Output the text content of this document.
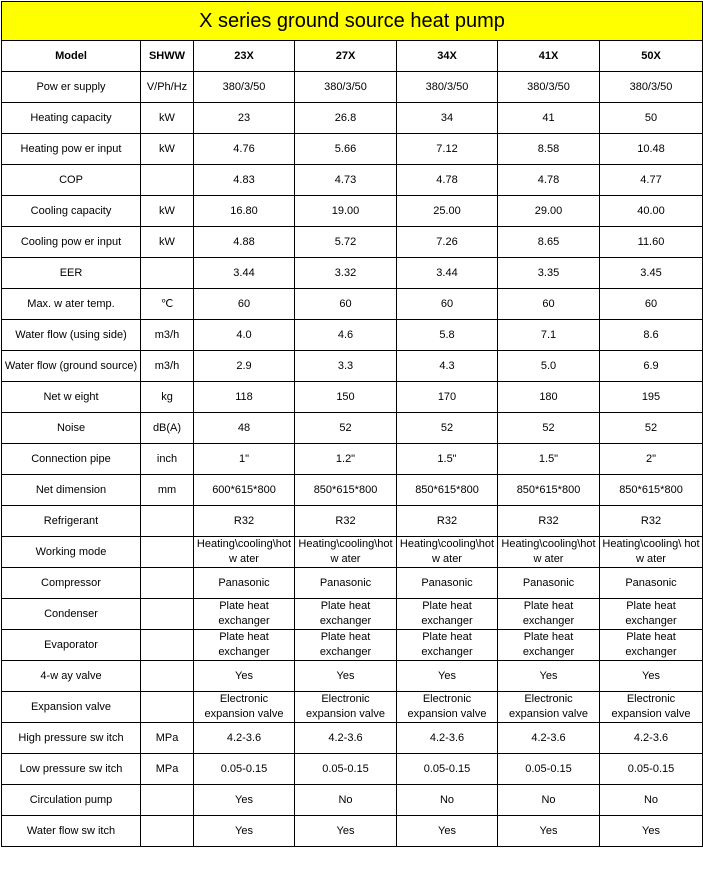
X series ground source heat pump						
Model	SHWW	23X	27X	34X	41X	50X
Pow er supply	V/Ph/Hz	380/3/50	380/3/50	380/3/50	380/3/50	380/3/50
Heating capacity	kW	23	26.8	34	41	50
Heating pow er input	kW	4.76	5.66	7.12	8.58	10.48
COP		4.83	4.73	4.78	4.78	4.77
Cooling capacity	kW	16.80	19.00	25.00	29.00	40.00
Cooling pow er input	kW	4.88	5.72	7.26	8.65	11.60
EER		3.44	3.32	3.44	3.35	3.45
Max. w ater temp.	℃	60	60	60	60	60
Water flow (using side)	m3/h	4.0	4.6	5.8	7.1	8.6
Water flow (ground source)	m3/h	2.9	3.3	4.3	5.0	6.9
Net w eight	kg	118	150	170	180	195
Noise	dB(A)	48	52	52	52	52
Connection pipe	inch	1"	1.2"	1.5"	1.5"	2"
Net dimension	mm	600*615*800	850*615*800	850*615*800	850*615*800	850*615*800
Refrigerant		R32	R32	R32	R32	R32
Working mode		Heating\cooling\hot w ater	Heating\cooling\hot w ater	Heating\cooling\hot w ater	Heating\cooling\hot w ater	Heating\cooling\ hot w ater
Compressor		Panasonic	Panasonic	Panasonic	Panasonic	Panasonic
Condenser		Plate heat exchanger	Plate heat exchanger	Plate heat exchanger	Plate heat exchanger	Plate heat exchanger
Evaporator		Plate heat exchanger	Plate heat exchanger	Plate heat exchanger	Plate heat exchanger	Plate heat exchanger
4-w ay valve		Yes	Yes	Yes	Yes	Yes
Expansion valve		Electronic expansion valve	Electronic expansion valve	Electronic expansion valve	Electronic expansion valve	Electronic expansion valve
High pressure sw itch	MPa	4.2-3.6	4.2-3.6	4.2-3.6	4.2-3.6	4.2-3.6
Low pressure sw itch	MPa	0.05-0.15	0.05-0.15	0.05-0.15	0.05-0.15	0.05-0.15
Circulation pump		Yes	No	No	No	No
Water flow sw itch		Yes	Yes	Yes	Yes	Yes
